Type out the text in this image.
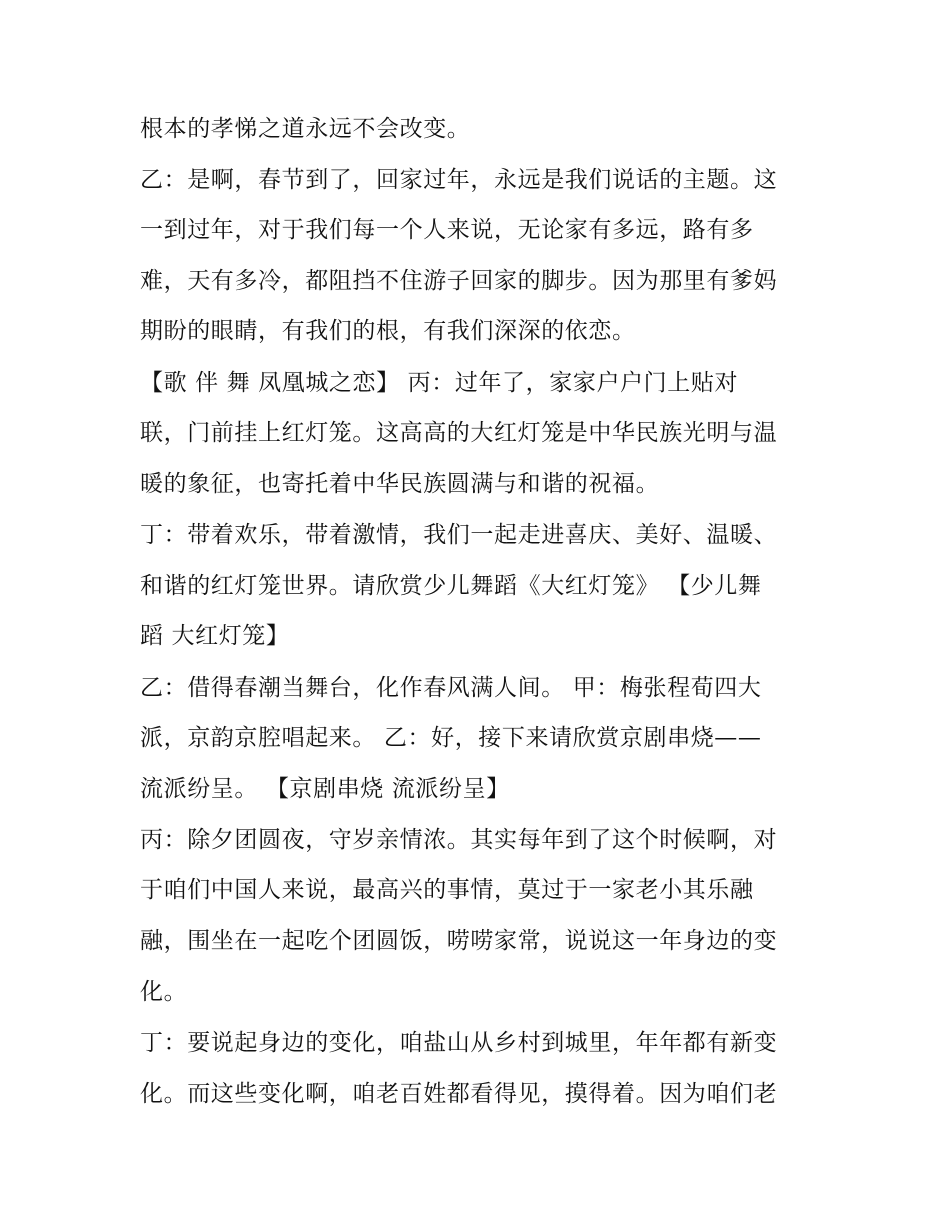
根本的孝悌之道永远不会改变。
乙：是啊，春节到了，回家过年，永远是我们说话的主题。这
一到过年，对于我们每一个人来说，无论家有多远，路有多
难，天有多冷，都阻挡不住游子回家的脚步。因为那里有爹妈
期盼的眼睛，有我们的根，有我们深深的依恋。
【歌 伴 舞 凤凰城之恋】 丙：过年了，家家户户门上贴对
联，门前挂上红灯笼。这高高的大红灯笼是中华民族光明与温
暖的象征，也寄托着中华民族圆满与和谐的祝福。
丁：带着欢乐，带着激情，我们一起走进喜庆、美好、温暖、
和谐的红灯笼世界。请欣赏少儿舞蹈《大红灯笼》 【少儿舞
蹈 大红灯笼】
乙：借得春潮当舞台，化作春风满人间。 甲：梅张程荀四大
派，京韵京腔唱起来。 乙：好，接下来请欣赏京剧串烧——
流派纷呈。 【京剧串烧 流派纷呈】
丙：除夕团圆夜，守岁亲情浓。其实每年到了这个时候啊，对
于咱们中国人来说，最高兴的事情，莫过于一家老小其乐融
融，围坐在一起吃个团圆饭，唠唠家常，说说这一年身边的变
化。
丁：要说起身边的变化，咱盐山从乡村到城里，年年都有新变
化。而这些变化啊，咱老百姓都看得见，摸得着。因为咱们老
